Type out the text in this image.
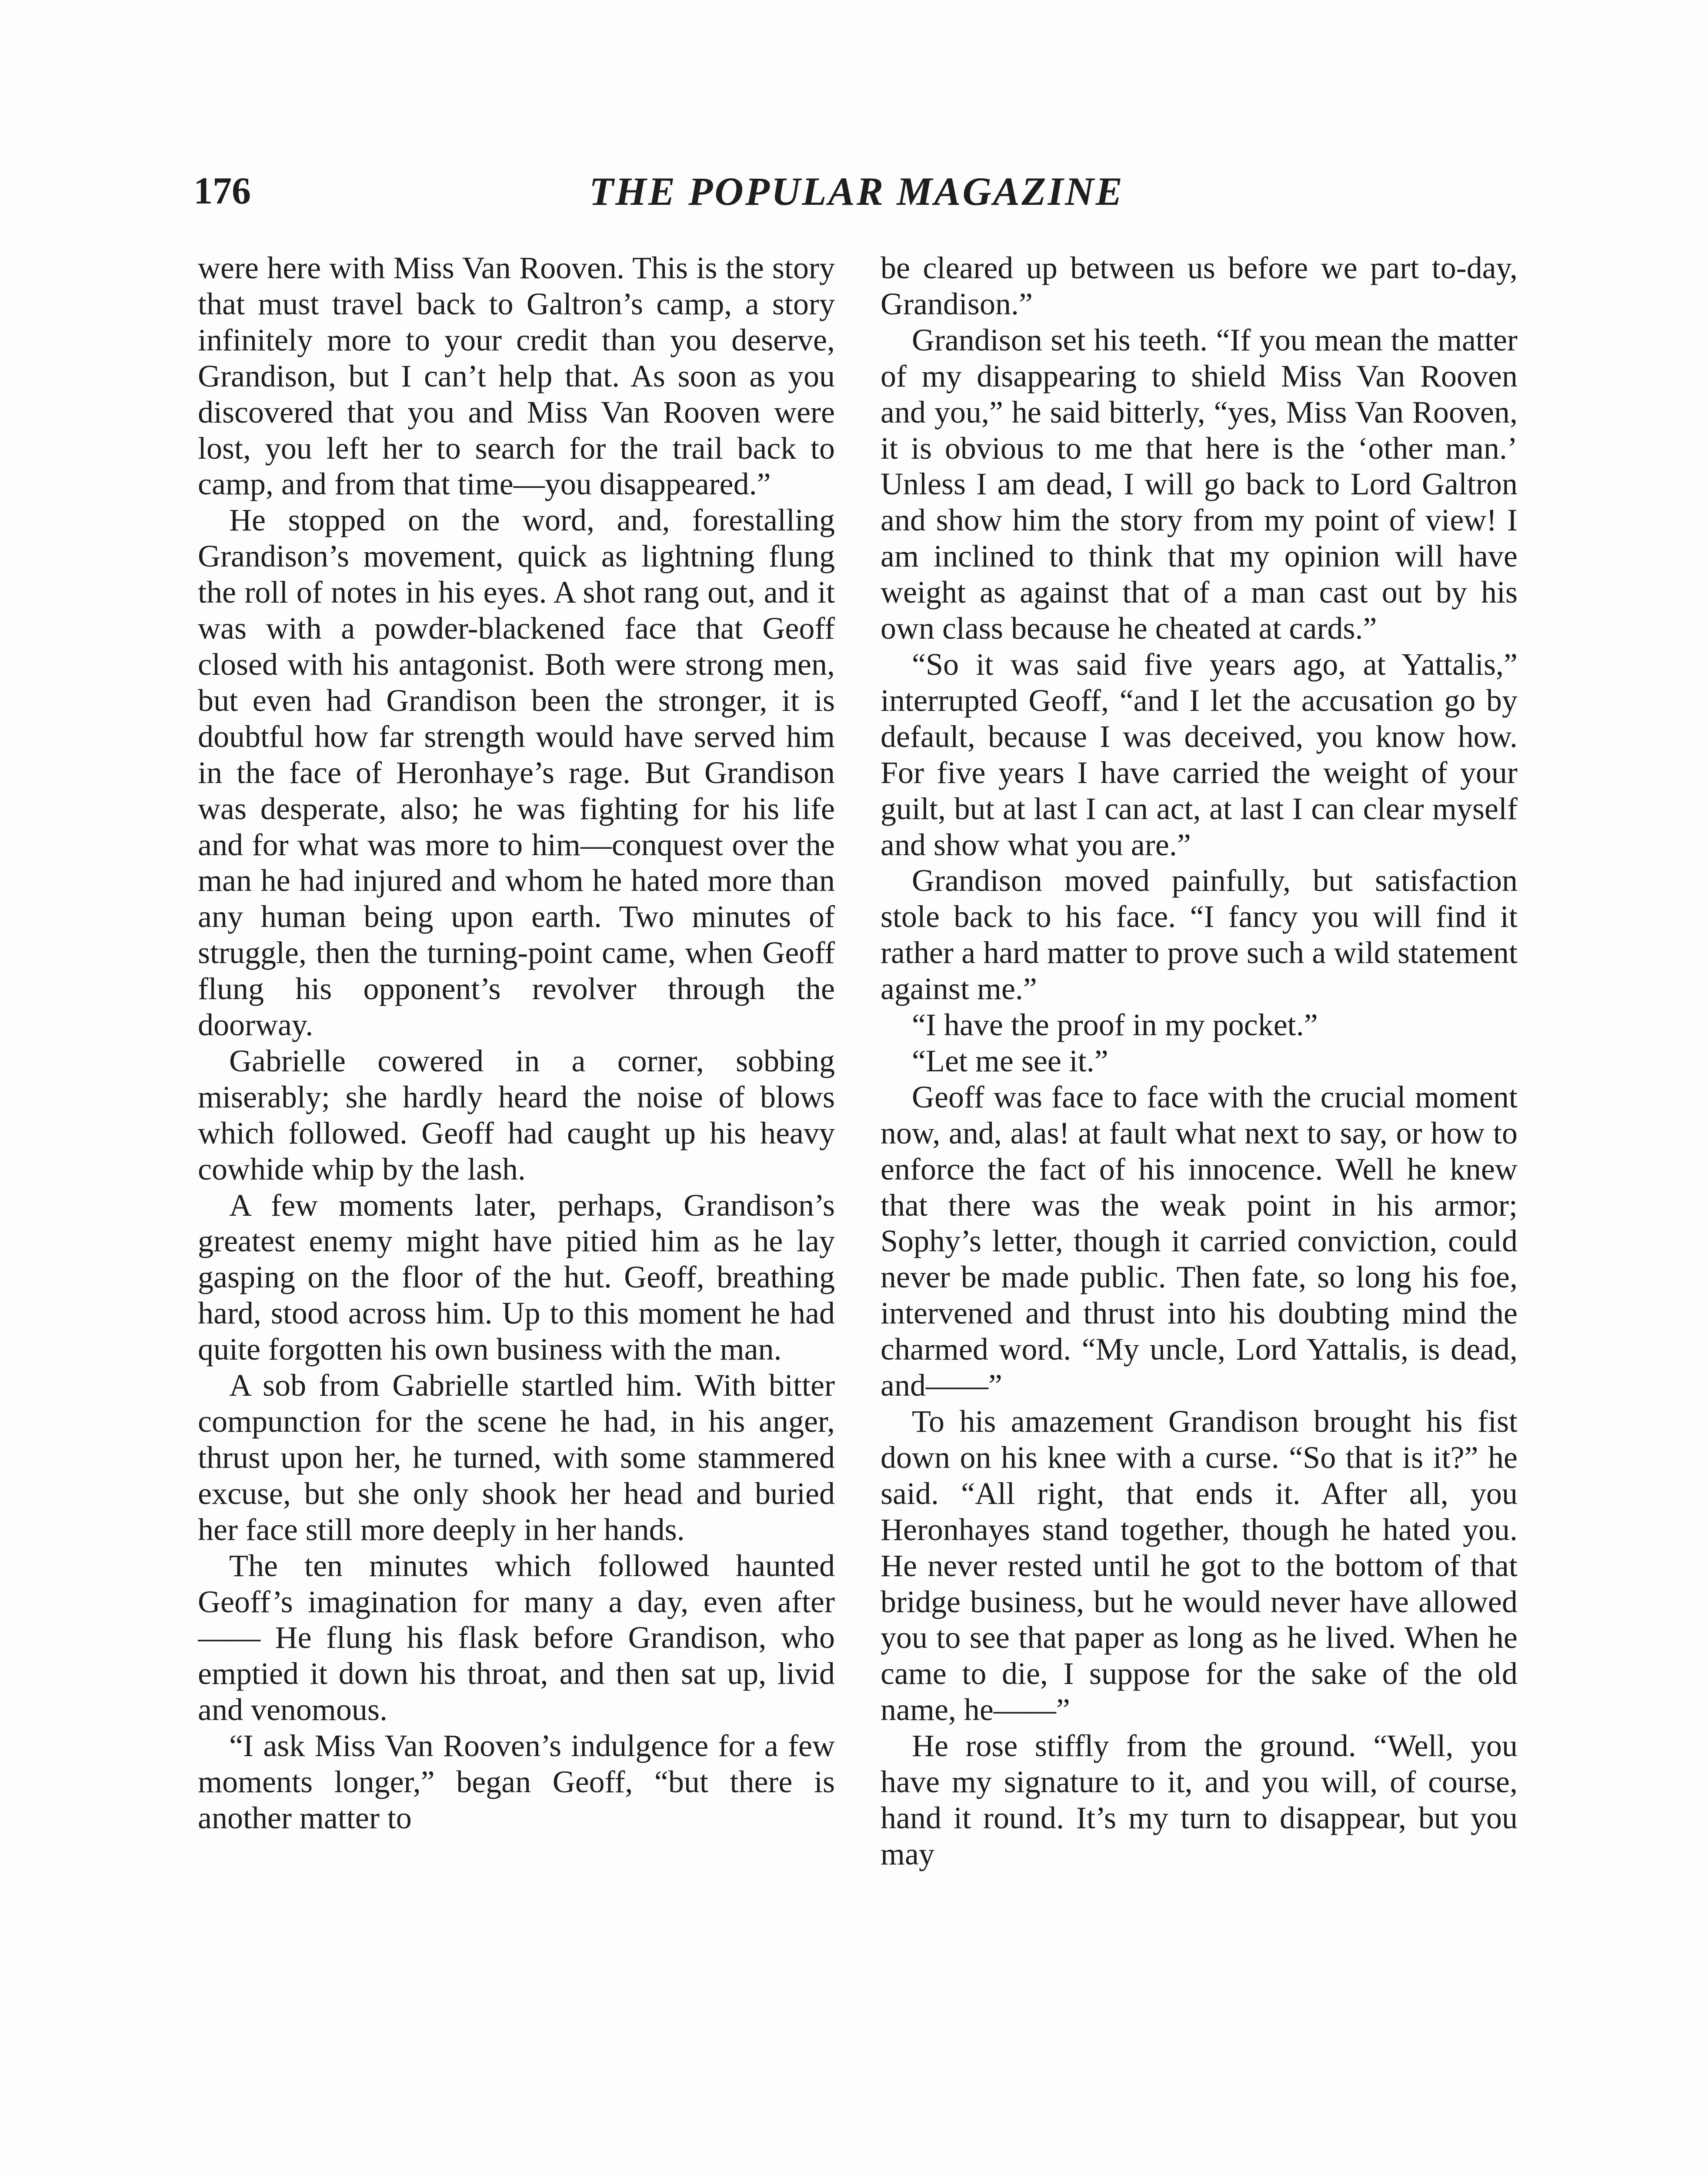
176	THE POPULAR MAGAZINE

were here with Miss Van Rooven. This is the story that must travel back to Galtron’s camp, a story infinitely more to your credit than you deserve, Grandison, but I can’t help that. As soon as you discovered that you and Miss Van Rooven were lost, you left her to search for the trail back to camp, and from that time—you disappeared.”

He stopped on the word, and, forestalling Grandison’s movement, quick as lightning flung the roll of notes in his eyes. A shot rang out, and it was with a powder-blackened face that Geoff closed with his antagonist. Both were strong men, but even had Grandison been the stronger, it is doubtful how far strength would have served him in the face of Heronhaye’s rage. But Grandison was desperate, also; he was fighting for his life and for what was more to him—conquest over the man he had injured and whom he hated more than any human being upon earth. Two minutes of struggle, then the turning-point came, when Geoff flung his opponent’s revolver through the doorway.

Gabrielle cowered in a corner, sobbing miserably; she hardly heard the noise of blows which followed. Geoff had caught up his heavy cowhide whip by the lash.

A few moments later, perhaps, Grandison’s greatest enemy might have pitied him as he lay gasping on the floor of the hut. Geoff, breathing hard, stood across him. Up to this moment he had quite forgotten his own business with the man.

A sob from Gabrielle startled him. With bitter compunction for the scene he had, in his anger, thrust upon her, he turned, with some stammered excuse, but she only shook her head and buried her face still more deeply in her hands.

The ten minutes which followed haunted Geoff’s imagination for many a day, even after—— He flung his flask before Grandison, who emptied it down his throat, and then sat up, livid and venomous.

“I ask Miss Van Rooven’s indulgence for a few moments longer,” began Geoff, “but there is another matter to

be cleared up between us before we part to-day, Grandison.”

Grandison set his teeth. “If you mean the matter of my disappearing to shield Miss Van Rooven and you,” he said bitterly, “yes, Miss Van Rooven, it is obvious to me that here is the ‘other man.’ Unless I am dead, I will go back to Lord Galtron and show him the story from my point of view! I am inclined to think that my opinion will have weight as against that of a man cast out by his own class because he cheated at cards.”

“So it was said five years ago, at Yattalis,” interrupted Geoff, “and I let the accusation go by default, because I was deceived, you know how. For five years I have carried the weight of your guilt, but at last I can act, at last I can clear myself and show what you are.”

Grandison moved painfully, but satisfaction stole back to his face. “I fancy you will find it rather a hard matter to prove such a wild statement against me.”

“I have the proof in my pocket.”

“Let me see it.”

Geoff was face to face with the crucial moment now, and, alas! at fault what next to say, or how to enforce the fact of his innocence. Well he knew that there was the weak point in his armor; Sophy’s letter, though it carried conviction, could never be made public. Then fate, so long his foe, intervened and thrust into his doubting mind the charmed word. “My uncle, Lord Yattalis, is dead, and——”

To his amazement Grandison brought his fist down on his knee with a curse. “So that is it?” he said. “All right, that ends it. After all, you Heronhayes stand together, though he hated you. He never rested until he got to the bottom of that bridge business, but he would never have allowed you to see that paper as long as he lived. When he came to die, I suppose for the sake of the old name, he——”

He rose stiffly from the ground. “Well, you have my signature to it, and you will, of course, hand it round. It’s my turn to disappear, but you may
